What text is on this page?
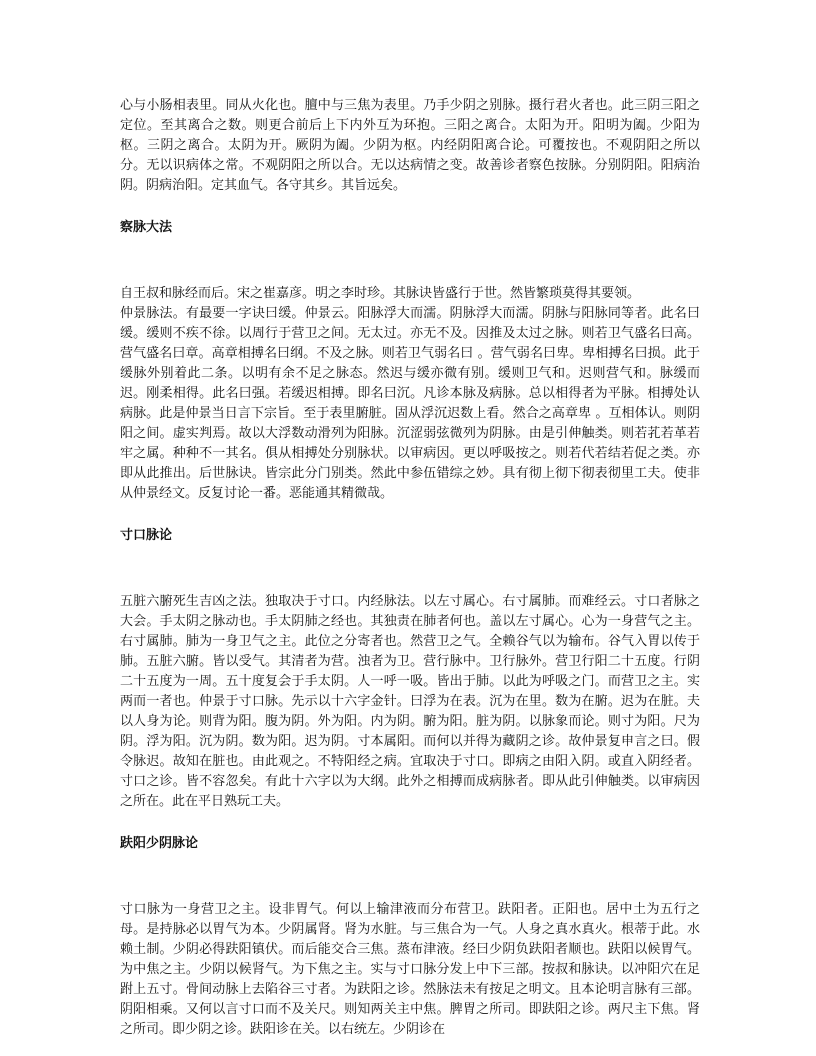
心与小肠相表里。同从火化也。膻中与三焦为表里。乃手少阴之别脉。摄行君火者也。此三阴三阳之定位。至其离合之数。则更合前后上下内外互为环抱。三阳之离合。太阳为开。阳明为阖。少阳为枢。三阴之离合。太阴为开。厥阴为阖。少阴为枢。内经阴阳离合论。可覆按也。不观阴阳之所以分。无以识病体之常。不观阴阳之所以合。无以达病情之变。故善诊者察色按脉。分别阴阳。阳病治阴。阴病治阳。定其血气。各守其乡。其旨远矣。

察脉大法

自王叔和脉经而后。宋之崔嘉彦。明之李时珍。其脉诀皆盛行于世。然皆繁琐莫得其要领。

仲景脉法。有最要一字诀曰缓。仲景云。阳脉浮大而濡。阴脉浮大而濡。阴脉与阳脉同等者。此名曰缓。缓则不疾不徐。以周行于营卫之间。无太过。亦无不及。因推及太过之脉。则若卫气盛名曰高。营气盛名曰章。高章相搏名曰纲。不及之脉。则若卫气弱名曰 。营气弱名曰卑。卑相搏名曰损。此于缓脉外别着此二条。以明有余不足之脉态。然迟与缓亦微有别。缓则卫气和。迟则营气和。脉缓而迟。刚柔相得。此名曰强。若缓迟相搏。即名曰沉。凡诊本脉及病脉。总以相得者为平脉。相搏处认病脉。此是仲景当日言下宗旨。至于表里腑脏。固从浮沉迟数上看。然合之高章卑 。互相体认。则阴阳之间。虚实判焉。故以大浮数动滑列为阳脉。沉涩弱弦微列为阴脉。由是引伸触类。则若芤若革若牢之属。种种不一其名。俱从相搏处分别脉状。以审病因。更以呼吸按之。则若代若结若促之类。亦即从此推出。后世脉诀。皆宗此分门别类。然此中参伍错综之妙。具有彻上彻下彻表彻里工夫。使非从仲景经文。反复讨论一番。恶能通其精微哉。

寸口脉论

五脏六腑死生吉凶之法。独取决于寸口。内经脉法。以左寸属心。右寸属肺。而难经云。寸口者脉之大会。手太阴之脉动也。手太阴肺之经也。其独责在肺者何也。盖以左寸属心。心为一身营气之主。右寸属肺。肺为一身卫气之主。此位之分寄者也。然营卫之气。全赖谷气以为输布。谷气入胃以传于肺。五脏六腑。皆以受气。其清者为营。浊者为卫。营行脉中。卫行脉外。营卫行阳二十五度。行阴二十五度为一周。五十度复会于手太阴。人一呼一吸。皆出于肺。以此为呼吸之门。而营卫之主。实两而一者也。仲景于寸口脉。先示以十六字金针。曰浮为在表。沉为在里。数为在腑。迟为在脏。夫以人身为论。则背为阳。腹为阴。外为阳。内为阴。腑为阳。脏为阴。以脉象而论。则寸为阳。尺为阴。浮为阳。沉为阴。数为阳。迟为阴。寸本属阳。而何以并得为藏阴之诊。故仲景复申言之曰。假令脉迟。故知在脏也。由此观之。不特阳经之病。宜取决于寸口。即病之由阳入阴。或直入阴经者。寸口之诊。皆不容忽矣。有此十六字以为大纲。此外之相搏而成病脉者。即从此引伸触类。以审病因之所在。此在平日熟玩工夫。

趺阳少阴脉论

寸口脉为一身营卫之主。设非胃气。何以上输津液而分布营卫。趺阳者。正阳也。居中土为五行之母。是持脉必以胃气为本。少阴属肾。肾为水脏。与三焦合为一气。人身之真水真火。根蒂于此。水赖土制。少阴必得趺阳镇伏。而后能交合三焦。蒸布津液。经曰少阴负趺阳者顺也。趺阳以候胃气。为中焦之主。少阴以候肾气。为下焦之主。实与寸口脉分发上中下三部。按叔和脉诀。以冲阳穴在足跗上五寸。骨间动脉上去陷谷三寸者。为趺阳之诊。然脉法未有按足之明文。且本论明言脉有三部。阴阳相乘。又何以言寸口而不及关尺。则知两关主中焦。脾胃之所司。即趺阳之诊。两尺主下焦。肾之所司。即少阴之诊。趺阳诊在关。以右统左。少阴诊在
